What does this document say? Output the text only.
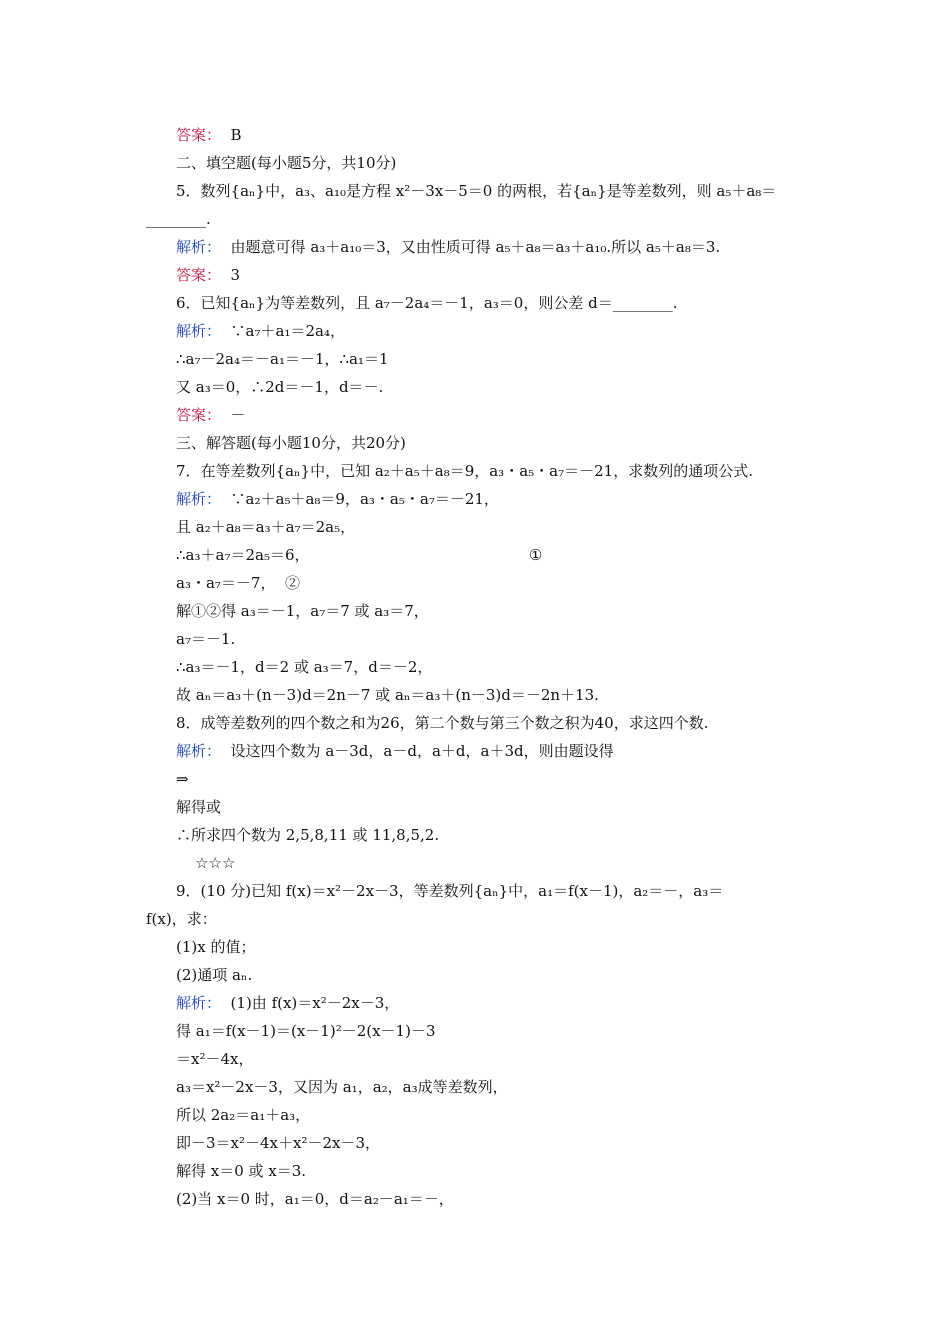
答案：  B
二、填空题(每小题5分，共10分)
5．数列{aₙ}中，a₃、a₁₀是方程 x²－3x－5＝0 的两根，若{aₙ}是等差数列，则 a₅＋a₈＝
________.
解析：  由题意可得 a₃＋a₁₀＝3，又由性质可得 a₅＋a₈＝a₃＋a₁₀.所以 a₅＋a₈＝3.
答案：  3
6．已知{aₙ}为等差数列，且 a₇－2a₄＝－1，a₃＝0，则公差 d＝________.
解析：  ∵a₇＋a₁＝2a₄，
∴a₇－2a₄＝－a₁＝－1，∴a₁＝1
又 a₃＝0，∴2d＝－1，d＝－.
答案：  －
三、解答题(每小题10分，共20分)
7．在等差数列{aₙ}中，已知 a₂＋a₅＋a₈＝9，a₃・a₅・a₇＝－21，求数列的通项公式.
解析：  ∵a₂＋a₅＋a₈＝9，a₃・a₅・a₇＝－21，
且 a₂＋a₈＝a₃＋a₇＝2a₅，
∴a₃＋a₇＝2a₅＝6，                                              ①
a₃・a₇＝－7，  ②
解①②得 a₃＝－1，a₇＝7 或 a₃＝7，
a₇＝－1.
∴a₃＝－1，d＝2 或 a₃＝7，d＝－2，
故 aₙ＝a₃＋(n－3)d＝2n－7 或 aₙ＝a₃＋(n－3)d＝－2n＋13.
8．成等差数列的四个数之和为26，第二个数与第三个数之积为40，求这四个数.
解析：  设这四个数为 a－3d，a－d，a＋d，a＋3d，则由题设得
⇒
解得或
∴所求四个数为 2,5,8,11 或 11,8,5,2.
☆☆☆
9．(10 分)已知 f(x)＝x²－2x－3，等差数列{aₙ}中，a₁＝f(x－1)，a₂＝－，a₃＝
f(x)，求：
(1)x 的值；
(2)通项 aₙ.
解析：  (1)由 f(x)＝x²－2x－3，
得 a₁＝f(x－1)＝(x－1)²－2(x－1)－3
＝x²－4x，
a₃＝x²－2x－3，又因为 a₁，a₂，a₃成等差数列，
所以 2a₂＝a₁＋a₃，
即－3＝x²－4x＋x²－2x－3，
解得 x＝0 或 x＝3.
(2)当 x＝0 时，a₁＝0，d＝a₂－a₁＝－，
